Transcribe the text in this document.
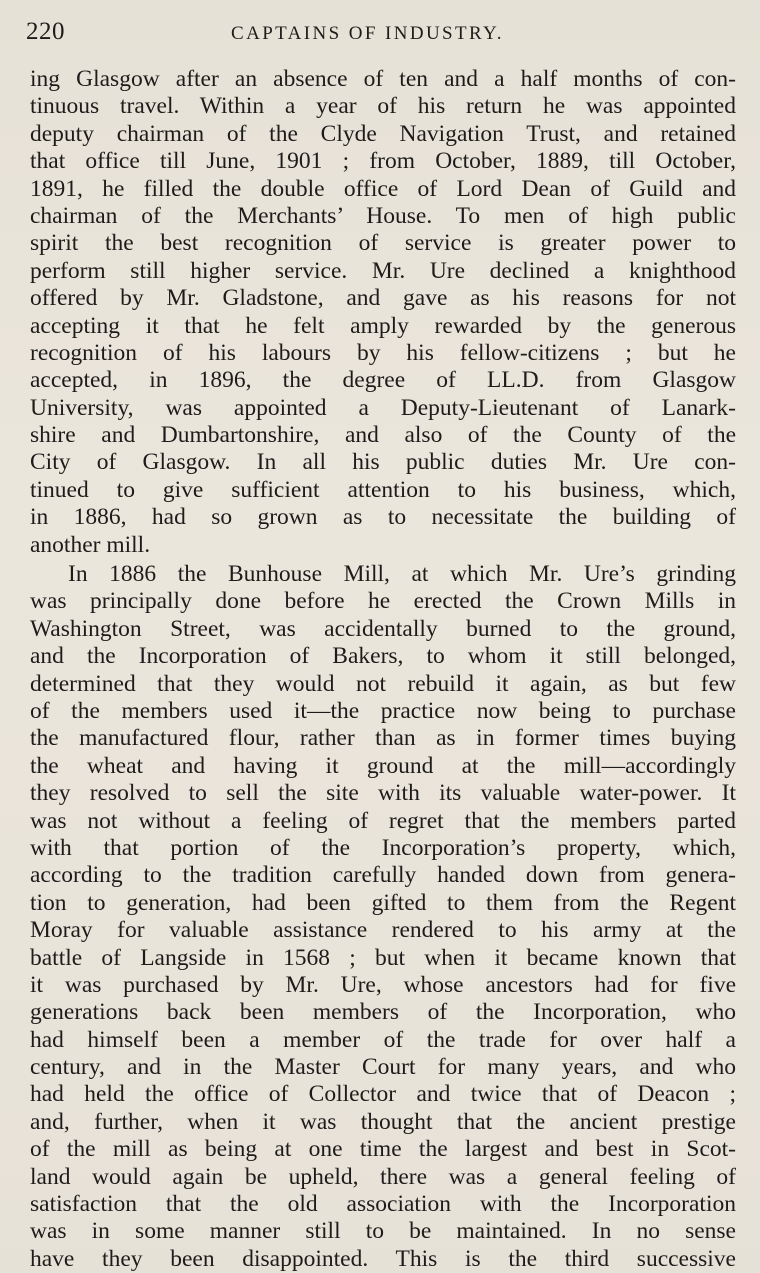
220	CAPTAINS OF INDUSTRY.
ing Glasgow after an absence of ten and a half months of con-
tinuous travel. Within a year of his return he was appointed
deputy chairman of the Clyde Navigation Trust, and retained
that office till June, 1901 ; from October, 1889, till October,
1891, he filled the double office of Lord Dean of Guild and
chairman of the Merchants’ House. To men of high public
spirit the best recognition of service is greater power to
perform still higher service. Mr. Ure declined a knighthood
offered by Mr. Gladstone, and gave as his reasons for not
accepting it that he felt amply rewarded by the generous
recognition of his labours by his fellow-citizens ; but he
accepted, in 1896, the degree of LL.D. from Glasgow
University, was appointed a Deputy-Lieutenant of Lanark-
shire and Dumbartonshire, and also of the County of the
City of Glasgow. In all his public duties Mr. Ure con-
tinued to give sufficient attention to his business, which,
in 1886, had so grown as to necessitate the building of
another mill.
In 1886 the Bunhouse Mill, at which Mr. Ure’s grinding
was principally done before he erected the Crown Mills in
Washington Street, was accidentally burned to the ground,
and the Incorporation of Bakers, to whom it still belonged,
determined that they would not rebuild it again, as but few
of the members used it—the practice now being to purchase
the manufactured flour, rather than as in former times buying
the wheat and having it ground at the mill—accordingly
they resolved to sell the site with its valuable water-power. It
was not without a feeling of regret that the members parted
with that portion of the Incorporation’s property, which,
according to the tradition carefully handed down from genera-
tion to generation, had been gifted to them from the Regent
Moray for valuable assistance rendered to his army at the
battle of Langside in 1568 ; but when it became known that
it was purchased by Mr. Ure, whose ancestors had for five
generations back been members of the Incorporation, who
had himself been a member of the trade for over half a
century, and in the Master Court for many years, and who
had held the office of Collector and twice that of Deacon ;
and, further, when it was thought that the ancient prestige
of the mill as being at one time the largest and best in Scot-
land would again be upheld, there was a general feeling of
satisfaction that the old association with the Incorporation
was in some manner still to be maintained. In no sense
have they been disappointed. This is the third successive
